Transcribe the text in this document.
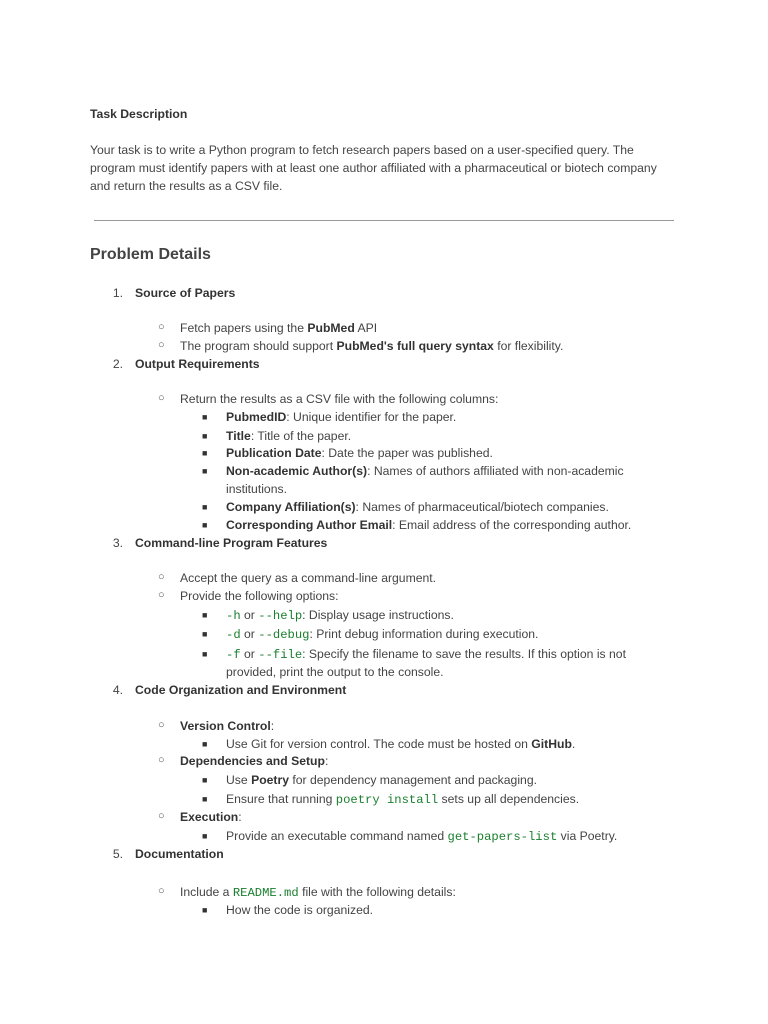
Task Description
Your task is to write a Python program to fetch research papers based on a user-specified query. The program must identify papers with at least one author affiliated with a pharmaceutical or biotech company and return the results as a CSV file.
Problem Details
1. Source of Papers
○ Fetch papers using the PubMed API
○ The program should support PubMed's full query syntax for flexibility.
2. Output Requirements
○ Return the results as a CSV file with the following columns:
■ PubmedID: Unique identifier for the paper.
■ Title: Title of the paper.
■ Publication Date: Date the paper was published.
■ Non-academic Author(s): Names of authors affiliated with non-academic
institutions.
■ Company Affiliation(s): Names of pharmaceutical/biotech companies.
■ Corresponding Author Email: Email address of the corresponding author.
3. Command-line Program Features
○ Accept the query as a command-line argument.
○ Provide the following options:
■ -h or --help: Display usage instructions.
■ -d or --debug: Print debug information during execution.
■ -f or --file: Specify the filename to save the results. If this option is not
provided, print the output to the console.
4. Code Organization and Environment
○ Version Control:
■ Use Git for version control. The code must be hosted on GitHub.
○ Dependencies and Setup:
■ Use Poetry for dependency management and packaging.
■ Ensure that running poetry install sets up all dependencies.
○ Execution:
■ Provide an executable command named get-papers-list via Poetry.
5. Documentation
○ Include a README.md file with the following details:
■ How the code is organized.
